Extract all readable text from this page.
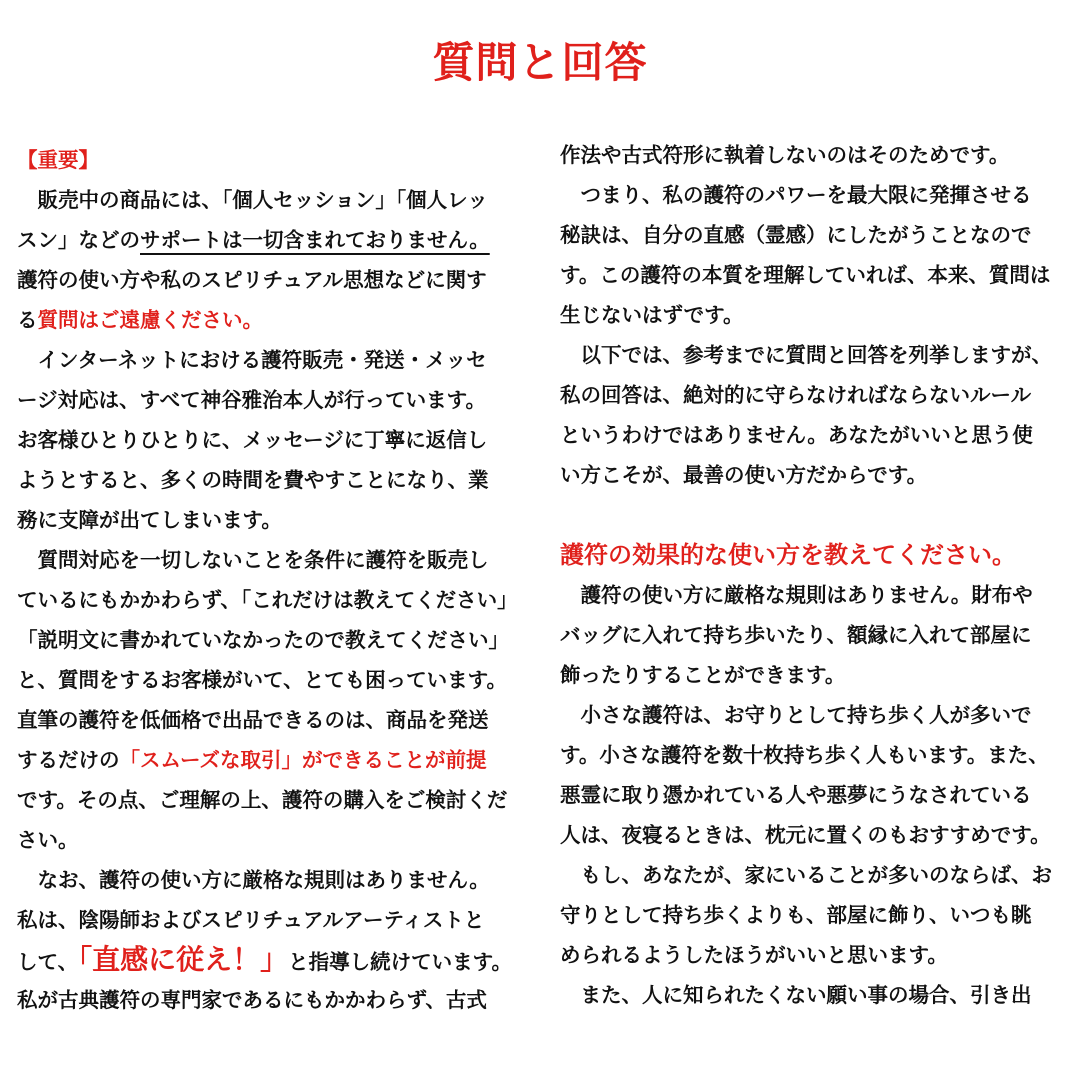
質問と回答
【重要】
　販売中の商品には、「個人セッション」「個人レッ
スン」などのサポートは一切含まれておりません。
護符の使い方や私のスピリチュアル思想などに関す
る質問はご遠慮ください。
　インターネットにおける護符販売・発送・メッセ
ージ対応は、すべて神谷雅治本人が行っています。
お客様ひとりひとりに、メッセージに丁寧に返信し
ようとすると、多くの時間を費やすことになり、業
務に支障が出てしまいます。
　質問対応を一切しないことを条件に護符を販売し
ているにもかかわらず、「これだけは教えてください」
「説明文に書かれていなかったので教えてください」
と、質問をするお客様がいて、とても困っています。
直筆の護符を低価格で出品できるのは、商品を発送
するだけの「スムーズな取引」ができることが前提
です。その点、ご理解の上、護符の購入をご検討くだ
さい。
　なお、護符の使い方に厳格な規則はありません。
私は、陰陽師およびスピリチュアルアーティストと
して、「直感に従え！」と指導し続けています。
私が古典護符の専門家であるにもかかわらず、古式
作法や古式符形に執着しないのはそのためです。
　つまり、私の護符のパワーを最大限に発揮させる
秘訣は、自分の直感（霊感）にしたがうことなので
す。この護符の本質を理解していれば、本来、質問は
生じないはずです。
　以下では、参考までに質問と回答を列挙しますが、
私の回答は、絶対的に守らなければならないルール
というわけではありません。あなたがいいと思う使
い方こそが、最善の使い方だからです。
護符の効果的な使い方を教えてください。
　護符の使い方に厳格な規則はありません。財布や
バッグに入れて持ち歩いたり、額縁に入れて部屋に
飾ったりすることができます。
　小さな護符は、お守りとして持ち歩く人が多いで
す。小さな護符を数十枚持ち歩く人もいます。また、
悪霊に取り憑かれている人や悪夢にうなされている
人は、夜寝るときは、枕元に置くのもおすすめです。
　もし、あなたが、家にいることが多いのならば、お
守りとして持ち歩くよりも、部屋に飾り、いつも眺
められるようしたほうがいいと思います。
　また、人に知られたくない願い事の場合、引き出
